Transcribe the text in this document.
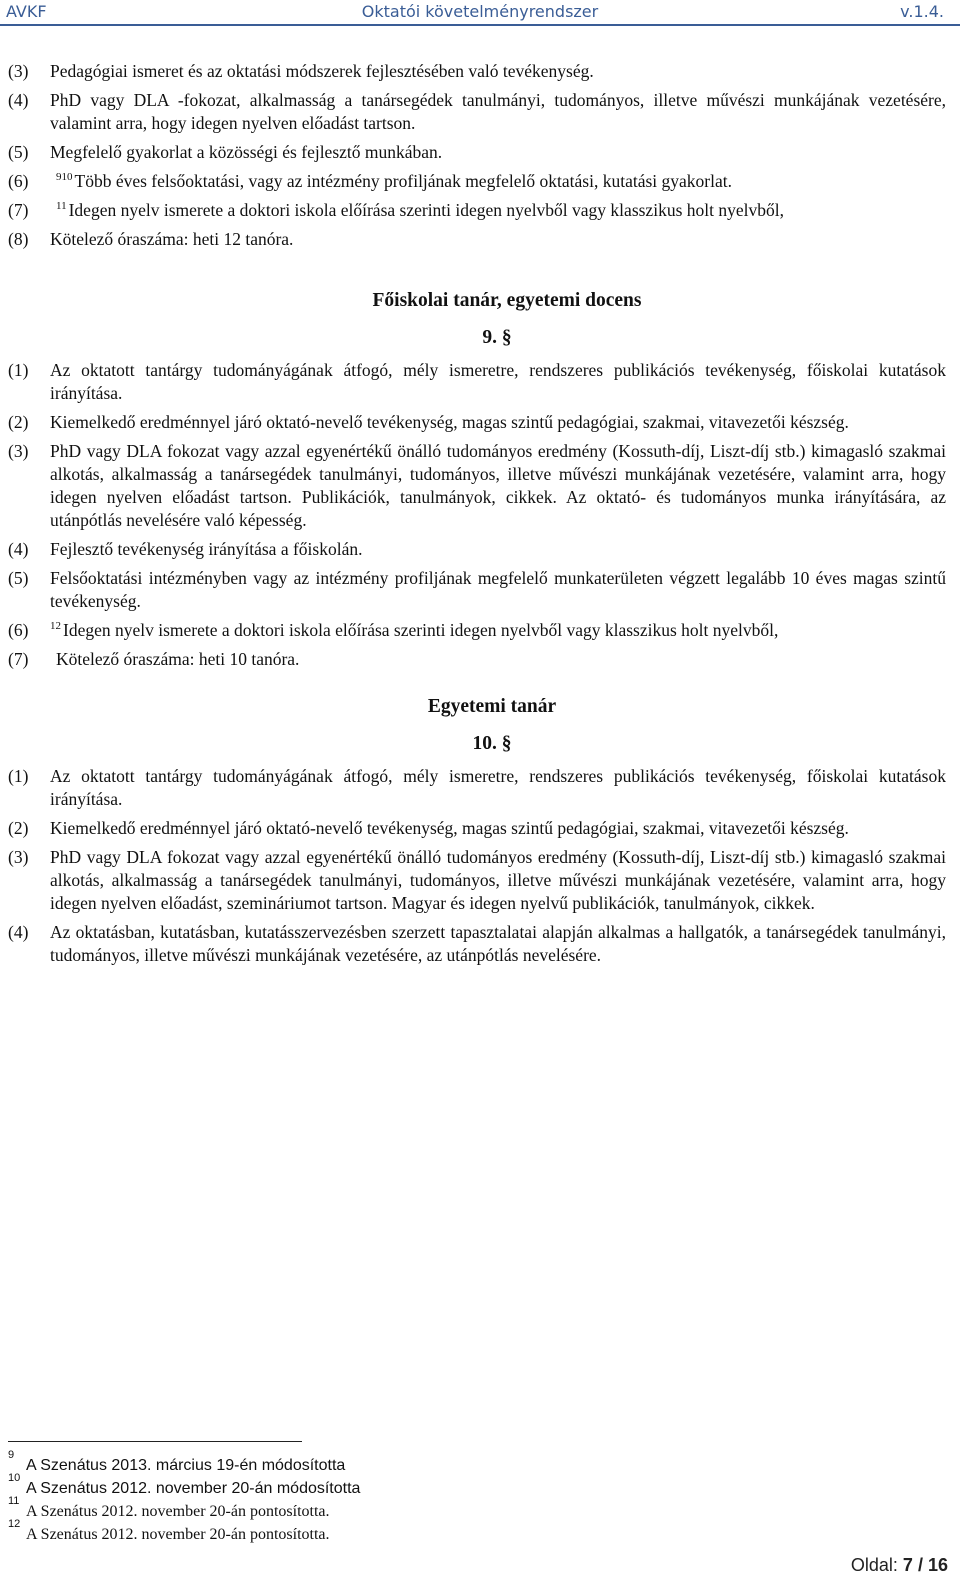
AVKF	Oktatói követelményrendszer	v.1.4.
(3)	Pedagógiai ismeret és az oktatási módszerek fejlesztésében való tevékenység.
(4)	PhD vagy DLA -fokozat, alkalmasság a tanársegédek tanulmányi, tudományos, illetve művészi munkájának vezetésére, valamint arra, hogy idegen nyelven előadást tartson.
(5)	Megfelelő gyakorlat a közösségi és fejlesztő munkában.
(6)	$^{910}$ Több éves felsőoktatási, vagy az intézmény profiljának megfelelő oktatási, kutatási gyakorlat.
(7)	$^{11}$ Idegen nyelv ismerete a doktori iskola előírása szerinti idegen nyelvből vagy klasszikus holt nyelvből,
(8)	Kötelező óraszáma: heti 12 tanóra.
Főiskolai tanár, egyetemi docens
9. §
(1)	Az oktatott tantárgy tudományágának átfogó, mély ismeretre, rendszeres publikációs tevékenység, főiskolai kutatások irányítása.
(2)	Kiemelkedő eredménnyel járó oktató-nevelő tevékenység, magas szintű pedagógiai, szakmai, vitavezetői készség.
(3)	PhD vagy DLA fokozat vagy azzal egyenértékű önálló tudományos eredmény (Kossuth-díj, Liszt-díj stb.) kimagasló szakmai alkotás, alkalmasság a tanársegédek tanulmányi, tudományos, illetve művészi munkájának vezetésére, valamint arra, hogy idegen nyelven előadást tartson. Publikációk, tanulmányok, cikkek. Az oktató- és tudományos munka irányítására, az utánpótlás nevelésére való képesség.
(4)	Fejlesztő tevékenység irányítása a főiskolán.
(5)	Felsőoktatási intézményben vagy az intézmény profiljának megfelelő munkaterületen végzett legalább 10 éves magas szintű tevékenység.
(6)	$^{12}$ Idegen nyelv ismerete a doktori iskola előírása szerinti idegen nyelvből vagy klasszikus holt nyelvből,
(7)	Kötelező óraszáma: heti 10 tanóra.
Egyetemi tanár
10. §
(1)	Az oktatott tantárgy tudományágának átfogó, mély ismeretre, rendszeres publikációs tevékenység, főiskolai kutatások irányítása.
(2)	Kiemelkedő eredménnyel járó oktató-nevelő tevékenység, magas szintű pedagógiai, szakmai, vitavezetői készség.
(3)	PhD vagy DLA fokozat vagy azzal egyenértékű önálló tudományos eredmény (Kossuth-díj, Liszt-díj stb.) kimagasló szakmai alkotás, alkalmasság a tanársegédek tanulmányi, tudományos, illetve művészi munkájának vezetésére, valamint arra, hogy idegen nyelven előadást, szemináriumot tartson. Magyar és idegen nyelvű publikációk, tanulmányok, cikkek.
(4)	Az oktatásban, kutatásban, kutatásszervezésben szerzett tapasztalatai alapján alkalmas a hallgatók, a tanársegédek tanulmányi, tudományos, illetve művészi munkájának vezetésére, az utánpótlás nevelésére.
9
A Szenátus 2013. március 19-én módosította
10
A Szenátus 2012. november 20-án módosította
11
A Szenátus 2012. november 20-án pontosította.
12
A Szenátus 2012. november 20-án pontosította.
Oldal: 7 / 16
